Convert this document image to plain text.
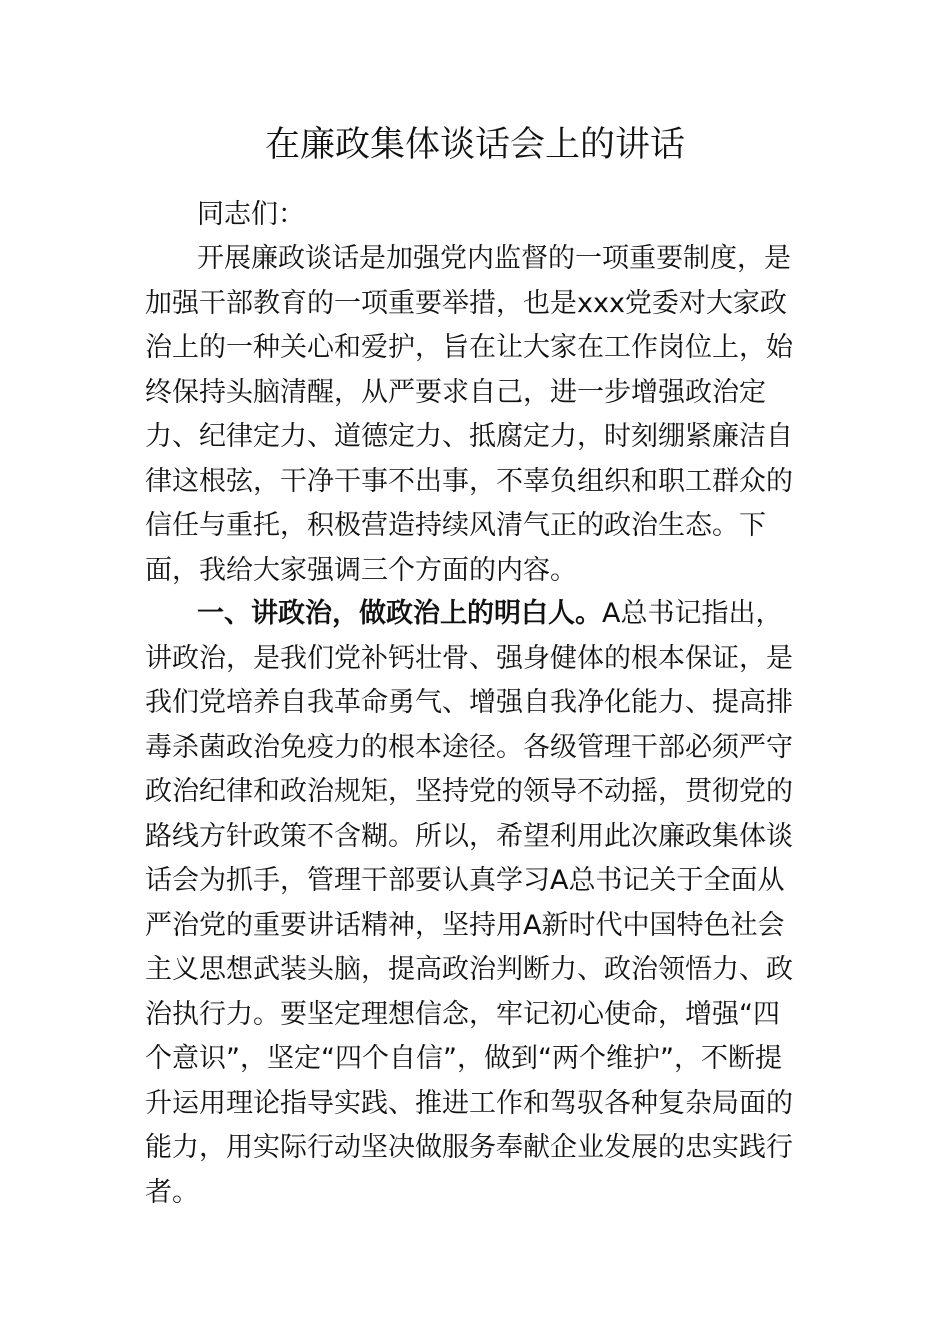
在廉政集体谈话会上的讲话

同志们：

开展廉政谈话是加强党内监督的一项重要制度，是加强干部教育的一项重要举措，也是xxx党委对大家政治上的一种关心和爱护，旨在让大家在工作岗位上，始终保持头脑清醒，从严要求自己，进一步增强政治定力、纪律定力、道德定力、抵腐定力，时刻绷紧廉洁自律这根弦，干净干事不出事，不辜负组织和职工群众的信任与重托，积极营造持续风清气正的政治生态。下面，我给大家强调三个方面的内容。

一、讲政治，做政治上的明白人。A总书记指出，讲政治，是我们党补钙壮骨、强身健体的根本保证，是我们党培养自我革命勇气、增强自我净化能力、提高排毒杀菌政治免疫力的根本途径。各级管理干部必须严守政治纪律和政治规矩，坚持党的领导不动摇，贯彻党的路线方针政策不含糊。所以，希望利用此次廉政集体谈话会为抓手，管理干部要认真学习A总书记关于全面从严治党的重要讲话精神，坚持用A新时代中国特色社会主义思想武装头脑，提高政治判断力、政治领悟力、政治执行力。要坚定理想信念，牢记初心使命，增强“四个意识”，坚定“四个自信”，做到“两个维护”，不断提升运用理论指导实践、推进工作和驾驭各种复杂局面的能力，用实际行动坚决做服务奉献企业发展的忠实践行者。
